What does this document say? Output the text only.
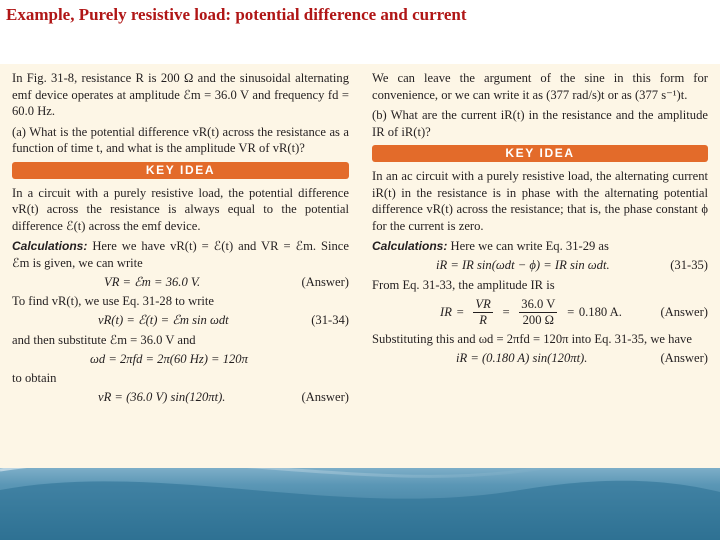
Example, Purely resistive load: potential difference and current

In Fig. 31-8, resistance R is 200 Ω and the sinusoidal alternating emf device operates at amplitude ℰm = 36.0 V and frequency fd = 60.0 Hz.

(a) What is the potential difference vR(t) across the resistance as a function of time t, and what is the amplitude VR of vR(t)?

KEY IDEA

In a circuit with a purely resistive load, the potential difference vR(t) across the resistance is always equal to the potential difference ℰ(t) across the emf device.

Calculations: Here we have vR(t) = ℰ(t) and VR = ℰm. Since ℰm is given, we can write

VR = ℰm = 36.0 V.	(Answer)

To find vR(t), we use Eq. 31-28 to write

vR(t) = ℰ(t) = ℰm sin ωdt	(31-34)

and then substitute ℰm = 36.0 V and

ωd = 2πfd = 2π(60 Hz) = 120π

to obtain

vR = (36.0 V) sin(120πt).	(Answer)

We can leave the argument of the sine in this form for convenience, or we can write it as (377 rad/s)t or as (377 s⁻¹)t.

(b) What are the current iR(t) in the resistance and the amplitude IR of iR(t)?

KEY IDEA

In an ac circuit with a purely resistive load, the alternating current iR(t) in the resistance is in phase with the alternating potential difference vR(t) across the resistance; that is, the phase constant ϕ for the current is zero.

Calculations: Here we can write Eq. 31-29 as

iR = IR sin(ωdt − ϕ) = IR sin ωdt.	(31-35)

From Eq. 31-33, the amplitude IR is

IR = $\frac{VR}{R} = \frac{36.0 V}{200 \Omega} = 0.180$ A.	(Answer)

Substituting this and ωd = 2πfd = 120π into Eq. 31-35, we have

iR = (0.180 A) sin(120πt).	(Answer)
